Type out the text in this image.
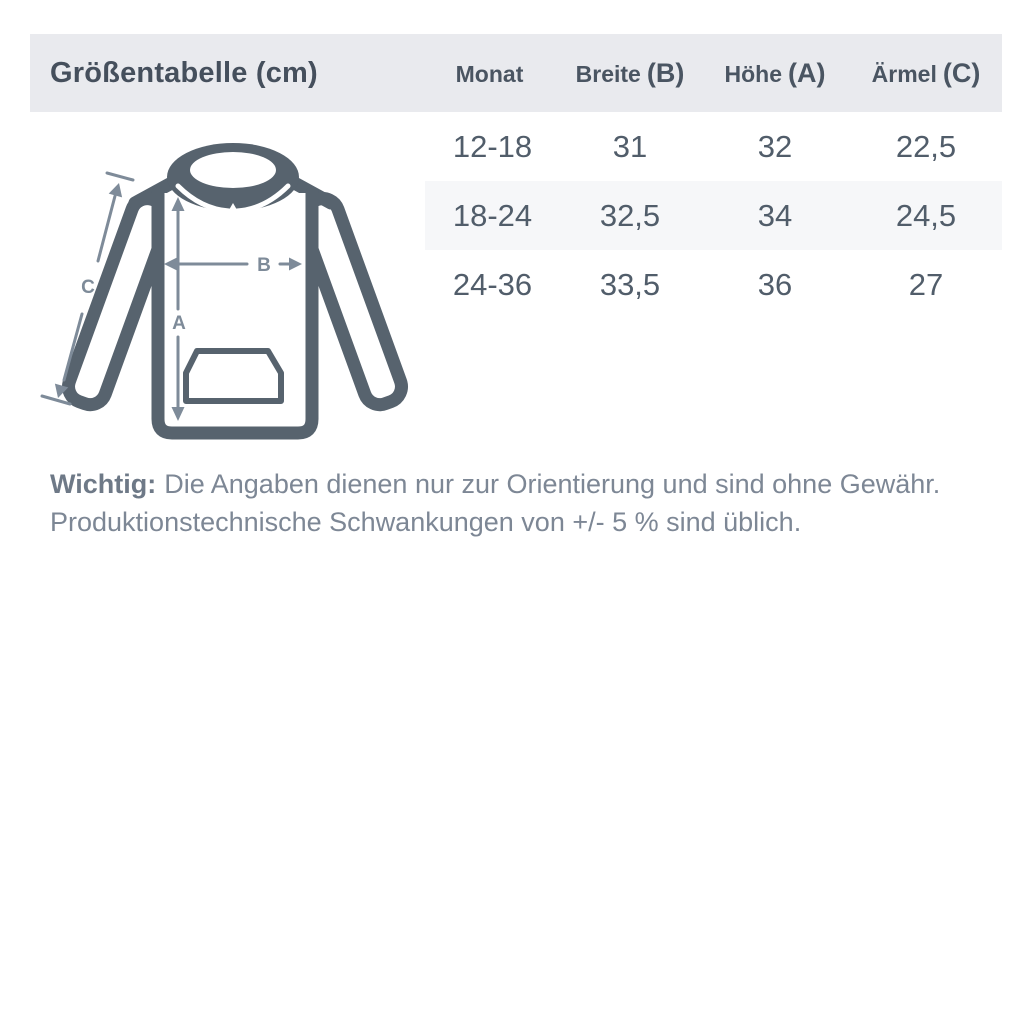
Größentabelle (cm)	Monat	Breite (B)	Höhe (A)	Ärmel (C)
12-18	31	32	22,5
18-24	32,5	34	24,5
24-36	33,5	36	27
A
B
C
Wichtig: Die Angaben dienen nur zur Orientierung und sind ohne Gewähr.
Produktionstechnische Schwankungen von +/- 5 % sind üblich.
